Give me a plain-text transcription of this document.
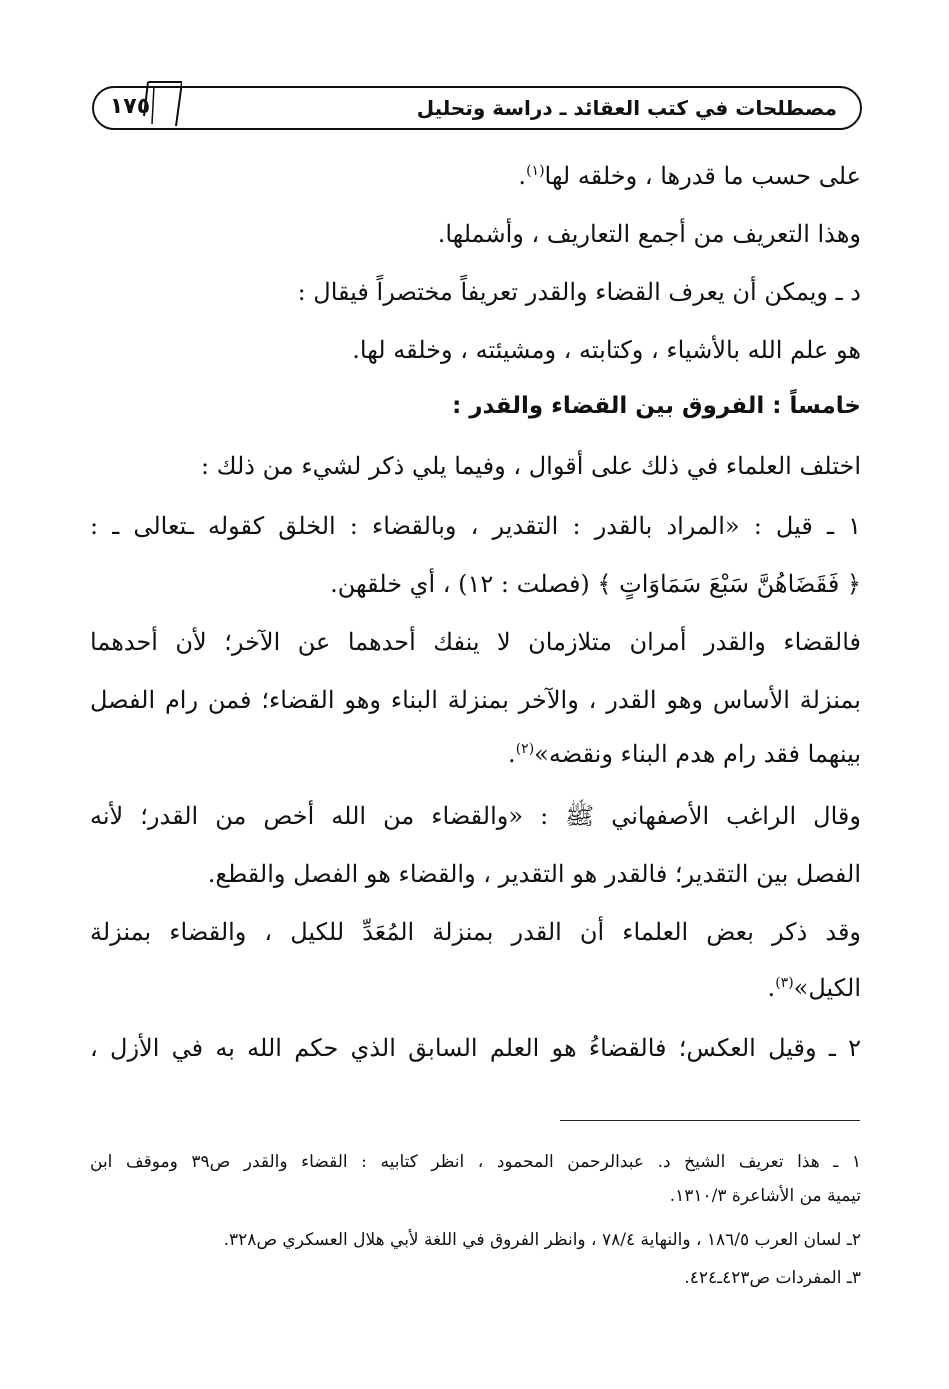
١٧٥	مصطلحات في كتب العقائد ـ دراسة وتحليل
على حسب ما قدرها ، وخلقه لها$^{(١)}$.
وهذا التعريف من أجمع التعاريف ، وأشملها.
د ـ ويمكن أن يعرف القضاء والقدر تعريفاً مختصراً فيقال :
هو علم الله بالأشياء ، وكتابته ، ومشيئته ، وخلقه لها.
خامساً : الفروق بين القضاء والقدر :
اختلف العلماء في ذلك على أقوال ، وفيما يلي ذكر لشيء من ذلك :
١ ـ قيل : «المراد بالقدر : التقدير ، وبالقضاء : الخلق كقوله ـتعالى ـ :
﴿ فَقَضَاهُنَّ سَبْعَ سَمَاوَاتٍ ﴾ (فصلت : ١٢) ، أي خلقهن.
فالقضاء والقدر أمران متلازمان لا ينفك أحدهما عن الآخر؛ لأن أحدهما
بمنزلة الأساس وهو القدر ، والآخر بمنزلة البناء وهو القضاء؛ فمن رام الفصل
بينهما فقد رام هدم البناء ونقضه»$^{(٢)}$.
وقال الراغب الأصفهاني ﷺ : «والقضاء من الله أخص من القدر؛ لأنه
الفصل بين التقدير؛ فالقدر هو التقدير ، والقضاء هو الفصل والقطع.
وقد ذكر بعض العلماء أن القدر بمنزلة المُعَدِّ للكيل ، والقضاء بمنزلة
الكيل»$^{(٣)}$.
٢ ـ وقيل العكس؛ فالقضاءُ هو العلم السابق الذي حكم الله به في الأزل ،
١ ـ هذا تعريف الشيخ د. عبدالرحمن المحمود ، انظر كتابيه : القضاء والقدر ص٣٩ وموقف ابن
تيمية من الأشاعرة ١٣١٠/٣.
٢ـ لسان العرب ١٨٦/٥ ، والنهاية ٧٨/٤ ، وانظر الفروق في اللغة لأبي هلال العسكري ص٣٢٨.
٣ـ المفردات ص٤٢٣ـ٤٢٤.
